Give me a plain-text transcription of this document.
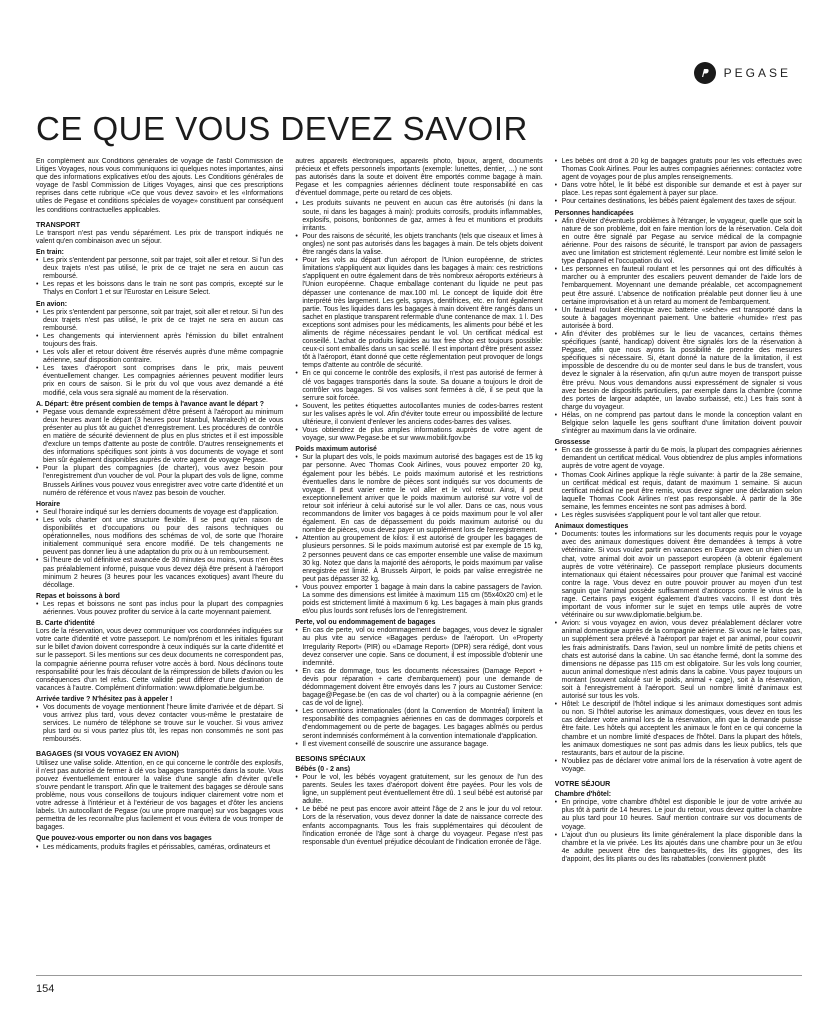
PEGASE
CE QUE VOUS DEVEZ SAVOIR

En complément aux Conditions générales de voyage de l'asbl Commission de Litiges Voyages, nous vous communiquons ici quelques notes importantes, ainsi que des informations explicatives et/ou des ajouts. Les Conditions générales de voyage de l'asbl Commission de Litiges Voyages, ainsi que ces prescriptions reprises dans cette rubrique «Ce que vous devez savoir» et les «Informations utiles de Pegase et conditions spéciales de voyage» constituent par conséquent les conditions contractuelles applicables.

TRANSPORT

Le transport n'est pas vendu séparément. Les prix de transport indiqués ne valent qu'en combinaison avec un séjour.

En train:
• Les prix s'entendent par personne, soit par trajet, soit aller et retour. Si l'un des deux trajets n'est pas utilisé, le prix de ce trajet ne sera en aucun cas remboursé.
• Les repas et les boissons dans le train ne sont pas compris, excepté sur le Thalys en Confort 1 et sur l'Eurostar en Leisure Select.
En avion:
• Les prix s'entendent par personne, soit par trajet, soit aller et retour. Si l'un des deux trajets n'est pas utilisé, le prix de ce trajet ne sera en aucun cas remboursé.
• Les changements qui interviennent après l'émission du billet entraînent toujours des frais.
• Les vols aller et retour doivent être réservés auprès d'une même compagnie aérienne, sauf disposition contraire.
• Les taxes d'aéroport sont comprises dans le prix, mais peuvent éventuellement changer. Les compagnies aériennes peuvent modifier leurs prix en cours de saison. Si le prix du vol que vous avez demandé a été modifié, cela vous sera signalé au moment de la réservation.
A. Départ: être présent combien de temps à l'avance avant le départ ?
• Pegase vous demande expressément d'être présent à l'aéroport au minimum deux heures avant le départ (3 heures pour Istanbul, Marrakech) et de vous présenter au plus tôt au guichet d'enregistrement. Les procédures de contrôle en matière de sécurité deviennent de plus en plus strictes et il est impossible d'exclure un temps d'attente au poste de contrôle. D'autres renseignements et des informations spécifiques sont joints à vos documents de voyage et sont bien sûr également disponibles auprès de votre agent de voyage Pegase.
• Pour la plupart des compagnies (de charter), vous avez besoin pour l'enregistrement d'un voucher de vol. Pour la plupart des vols de ligne, comme Brussels Airlines vous pouvez vous enregistrer avec votre carte d'identité et un numéro de référence et vous n'avez pas besoin de voucher.
Horaire
• Seul l'horaire indiqué sur les derniers documents de voyage est d'application.
• Les vols charter ont une structure flexible. Il se peut qu'en raison de disponibilités et d'occupations ou pour des raisons techniques ou opérationnelles, nous modifions des schémas de vol, de sorte que l'horaire initialement communiqué sera encore modifié. De tels changements ne peuvent pas donner lieu à une adaptation du prix ou à un remboursement.
• Si l'heure de vol définitive est avancée de 30 minutes ou moins, vous n'en êtes pas préalablement informé, puisque vous devez déjà être présent à l'aéroport minimum 2 heures (3 heures pour les vacances exotiques) avant l'heure du décollage.
Repas et boissons à bord
• Les repas et boissons ne sont pas inclus pour la plupart des compagnies aériennes. Vous pouvez profiter du service à la carte moyennant paiement.
B. Carte d'identité

Lors de la réservation, vous devez communiquer vos coordonnées indiquées sur votre carte d'identité et votre passeport. Le nom/prénom et les initiales figurant sur le billet d'avion doivent correspondre à ceux indiqués sur la carte d'identité et sur le passeport. Si les mentions sur ces deux documents ne correspondent pas, la compagnie aérienne pourra refuser votre accès à bord. Nous déclinons toute responsabilité pour les frais découlant de la réimpression de billets d'avion ou les conséquences d'un tel refus. Cette validité peut différer d'une destination de vacances à l'autre. Complément d'information: www.diplomatie.belgium.be.

Arrivée tardive ? N'hésitez pas à appeler !
• Vos documents de voyage mentionnent l'heure limite d'arrivée et de départ. Si vous arrivez plus tard, vous devez contacter vous-même le prestataire de services. Le numéro de téléphone se trouve sur le voucher. Si vous arrivez plus tard ou si vous partez plus tôt, les repas non consommés ne sont pas remboursés.
BAGAGES (SI VOUS VOYAGEZ EN AVION)

Utilisez une valise solide. Attention, en ce qui concerne le contrôle des explosifs, il n'est pas autorisé de fermer à clé vos bagages transportés dans la soute. Vous pouvez éventuellement entourer la valise d'une sangle afin d'éviter qu'elle s'ouvre pendant le transport. Afin que le traitement des bagages se déroule sans problème, nous vous conseillons de toujours indiquer clairement votre nom et votre adresse à l'intérieur et à l'extérieur de vos bagages et d'ôter les anciens labels. Un autocollant de Pegase (ou une propre marque) sur vos bagages vous permettra de les reconnaître plus facilement et vous évitera de vous tromper de bagages.

Que pouvez-vous emporter ou non dans vos bagages
• Les médicaments, produits fragiles et périssables, caméras, ordinateurs et

autres appareils électroniques, appareils photo, bijoux, argent, documents précieux et effets personnels importants (exemple: lunettes, dentier, ...) ne sont pas autorisés dans la soute et doivent être emportés comme bagage à main. Pegase et les compagnies aériennes déclinent toute responsabilité en cas d'éventuel dommage, perte ou retard de ces objets.

• Les produits suivants ne peuvent en aucun cas être autorisés (ni dans la soute, ni dans les bagages à main): produits corrosifs, produits inflammables, explosifs, poisons, bonbonnes de gaz, armes à feu et munitions et produits irritants.
• Pour des raisons de sécurité, les objets tranchants (tels que ciseaux et limes à ongles) ne sont pas autorisés dans les bagages à main. De tels objets doivent être rangés dans la valise.
• Pour les vols au départ d'un aéroport de l'Union européenne, de strictes limitations s'appliquent aux liquides dans les bagages à main: ces restrictions s'appliquent en outre également dans de très nombreux aéroports extérieurs à l'Union européenne. Chaque emballage contenant du liquide ne peut pas dépasser une contenance de max.100 ml. Le concept de liquide doit être interprété très largement. Les gels, sprays, dentifrices, etc. en font également partie. Tous les liquides dans les bagages à main doivent être rangés dans un sachet en plastique transparent refermable d'une contenance de max. 1 l. Des exceptions sont admises pour les médicaments, les aliments pour bébé et les aliments de régime nécessaires pendant le vol. Un certificat médical est conseillé. L'achat de produits liquides au tax free shop est toujours possible: ceux-ci sont emballés dans un sac scellé. Il est important d'être présent assez tôt à l'aéroport, étant donné que cette réglementation peut provoquer de longs temps d'attente au contrôle de sécurité.
• En ce qui concerne le contrôle des explosifs, il n'est pas autorisé de fermer à clé vos bagages transportés dans la soute. Sa douane a toujours le droit de contrôler vos bagages. Si vos valises sont fermées à clé, il se peut que la serrure soit forcée.
• Souvent, les petites étiquettes autocollantes munies de codes-barres restent sur les valises après le vol. Afin d'éviter toute erreur ou impossibilité de lecture ultérieure, il convient d'enlever les anciens codes-barres des valises.
• Vous obtiendrez de plus amples informations auprès de votre agent de voyage, sur www.Pegase.be et sur www.mobilit.fgov.be
Poids maximum autorisé
• Sur la plupart des vols, le poids maximum autorisé des bagages est de 15 kg par personne. Avec Thomas Cook Airlines, vous pouvez emporter 20 kg, également pour les bébés. Le poids maximum autorisé et les restrictions éventuelles dans le nombre de pièces sont indiqués sur vos documents de voyage. Il peut varier entre le vol aller et le vol retour. Ainsi, il peut exceptionnellement arriver que le poids maximum autorisé sur votre vol de retour soit inférieur à celui autorisé sur le vol aller. Dans ce cas, nous vous recommandons de limiter vos bagages à ce poids maximum pour le vol aller également. En cas de dépassement du poids maximum autorisé ou du nombre de pièces, vous devez payer un supplément lors de l'enregistrement.
• Attention au groupement de kilos: il est autorisé de grouper les bagages de plusieurs personnes. Si le poids maximum autorisé est par exemple de 15 kg, 2 personnes peuvent dans ce cas emporter ensemble une valise de maximum 30 kg. Notez que dans la majorité des aéroports, le poids maximum par valise enregistrée est limité. À Brussels Airport, le poids par valise enregistrée ne peut pas dépasser 32 kg.
• Vous pouvez emporter 1 bagage à main dans la cabine passagers de l'avion. La somme des dimensions est limitée à maximum 115 cm (55x40x20 cm) et le poids est strictement limité à maximum 6 kg. Les bagages à main plus grands et/ou plus lourds sont refusés lors de l'enregistrement.
Perte, vol ou endommagement de bagages
• En cas de perte, vol ou endommagement de bagages, vous devez le signaler au plus vite au service «Bagages perdus» de l'aéroport. Un «Property Irregularity Report» (PIR) ou «Damage Report» (DPR) sera rédigé, dont vous devez conserver une copie. Sans ce document, il est impossible d'obtenir une indemnité.
• En cas de dommage, tous les documents nécessaires (Damage Report + devis pour réparation + carte d'embarquement) pour une demande de dédommagement doivent être envoyés dans les 7 jours au Customer Service: bagage@Pegase.be (en cas de vol charter) ou à la compagnie aérienne (en cas de vol de ligne).
• Les conventions internationales (dont la Convention de Montréal) limitent la responsabilité des compagnies aériennes en cas de dommages corporels et d'endommagement ou de perte de bagages. Les bagages abîmés ou perdus seront indemnisés conformément à la convention internationale d'application.
• Il est vivement conseillé de souscrire une assurance bagage.
BESOINS SPÉCIAUX
Bébés (0 - 2 ans)
• Pour le vol, les bébés voyagent gratuitement, sur les genoux de l'un des parents. Seules les taxes d'aéroport doivent être payées. Pour les vols de ligne, un supplément peut éventuellement être dû. 1 seul bébé est autorisé par adulte.
• Le bébé ne peut pas encore avoir atteint l'âge de 2 ans le jour du vol retour. Lors de la réservation, vous devez donner la date de naissance correcte des enfants accompagnants. Tous les frais supplémentaires qui découlent de l'indication erronée de l'âge sont à charge du voyageur. Pegase n'est pas responsable d'un éventuel préjudice découlant de l'indication erronée de l'âge.
• Les bébés ont droit à 20 kg de bagages gratuits pour les vols effectués avec Thomas Cook Airlines. Pour les autres compagnies aériennes: contactez votre agent de voyages pour de plus amples renseignements.
• Dans votre hôtel, le lit bébé est disponible sur demande et est à payer sur place. Les repas sont également à payer sur place.
• Pour certaines destinations, les bébés paient également des taxes de séjour.
Personnes handicapées
• Afin d'éviter d'éventuels problèmes à l'étranger, le voyageur, quelle que soit la nature de son problème, doit en faire mention lors de la réservation. Cela doit en outre être signalé par Pegase au service médical de la compagnie aérienne. Pour des raisons de sécurité, le transport par avion de passagers avec une limitation est strictement réglementé. Leur nombre est limité selon le type d'appareil et l'occupation du vol.
• Les personnes en fauteuil roulant et les personnes qui ont des difficultés à marcher ou à emprunter des escaliers peuvent demander de l'aide lors de l'embarquement. Moyennant une demande préalable, cet accompagnement peut être assuré. L'absence de notification préalable peut donner lieu à une certaine improvisation et à un retard au moment de l'embarquement.
• Un fauteuil roulant électrique avec batterie «sèche» est transporté dans la soute à bagages moyennant paiement. Une batterie «humide» n'est pas autorisée à bord.
• Afin d'éviter des problèmes sur le lieu de vacances, certains thèmes spécifiques (santé, handicap) doivent être signalés lors de la réservation à Pegase, afin que nous ayons la possibilité de prendre des mesures spécifiques si nécessaire. Si, étant donné la nature de la limitation, il est impossible de descendre du ou de monter seul dans le bus de transfert, vous devez le signaler à la réservation, afin qu'un autre moyen de transport puisse être prévu. Nous vous demandons aussi expressément de signaler si vous avez besoin de dispositifs particuliers, par exemple dans la chambre (comme des portes de largeur adaptée, un lavabo surbaissé, etc.) Les frais sont à charge du voyageur.
• Hélas, on ne comprend pas partout dans le monde la conception valant en Belgique selon laquelle les gens souffrant d'une limitation doivent pouvoir s'intégrer au maximum dans la vie ordinaire.
Grossesse
• En cas de grossesse à partir du 6e mois, la plupart des compagnies aériennes demandent un certificat médical. Vous obtiendrez de plus amples informations auprès de votre agent de voyage.
• Thomas Cook Airlines applique la règle suivante: à partir de la 28e semaine, un certificat médical est requis, datant de maximum 1 semaine. Si aucun certificat médical ne peut être remis, vous devez signer une déclaration selon laquelle Thomas Cook Airlines n'est pas responsable. À partir de la 36e semaine, les femmes enceintes ne sont pas admises à bord.
• Les règles susvisées s'appliquent pour le vol tant aller que retour.
Animaux domestiques
• Documents: toutes les informations sur les documents requis pour le voyage avec des animaux domestiques doivent être demandées à temps à votre vétérinaire. Si vous voulez partir en vacances en Europe avec un chien ou un chat, votre animal doit avoir un passeport européen (à obtenir également auprès de votre vétérinaire). Ce passeport remplace plusieurs documents internationaux qui étaient nécessaires pour prouver que l'animal est vacciné contre la rage. Vous devez en outre pouvoir prouver au moyen d'un test sanguin que l'animal possède suffisamment d'anticorps contre le virus de la rage. Certains pays exigent également d'autres vaccins. Il est dont très important de vous informer sur le sujet en temps utile auprès de votre vétérinaire ou sur www.diplomatie.belgium.be.
• Avion: si vous voyagez en avion, vous devez préalablement déclarer votre animal domestique auprès de la compagnie aérienne. Si vous ne le faites pas, un supplément sera prélevé à l'aéroport par trajet et par animal, pour couvrir les frais administratifs. Dans l'avion, seul un nombre limité de petits chiens et chats est autorisé dans la cabine. Un sac étanche fermé, dont la somme des dimensions ne dépasse pas 115 cm est obligatoire. Sur les vols long courrier, aucun animal domestique n'est admis dans la cabine. Vous payez toujours un montant (souvent calculé sur le poids, animal + cage), soit à la réservation, soit à l'enregistrement à l'aéroport. Seul un nombre limité d'animaux est autorisé sur tous les vols.
• Hôtel: Le descriptif de l'hôtel indique si les animaux domestiques sont admis ou non. Si l'hôtel autorise les animaux domestiques, vous devez en tous les cas déclarer votre animal lors de la réservation, afin que la demande puisse être faite. Les hôtels qui acceptent les animaux le font en ce qui concerne la chambre et un nombre limité d'espaces de l'hôtel. Dans la plupart des hôtels, les animaux domestiques ne sont pas admis dans les lieux publics, tels que restaurants, bars et autour de la piscine.
• N'oubliez pas de déclarer votre animal lors de la réservation à votre agent de voyage.
VOTRE SÉJOUR
Chambre d'hôtel:
• En principe, votre chambre d'hôtel est disponible le jour de votre arrivée au plus tôt à partir de 14 heures. Le jour du retour, vous devez quitter la chambre au plus tard pour 10 heures. Sauf mention contraire sur vos documents de voyage.
• L'ajout d'un ou plusieurs lits limite généralement la place disponible dans la chambre et la vie privée. Les lits ajoutés dans une chambre pour un 3e et/ou 4e adulte peuvent être des banquettes-lits, des lits gigognes, des lits d'appoint, des lits pliants ou des lits rabattables (conviennent plutôt
154
